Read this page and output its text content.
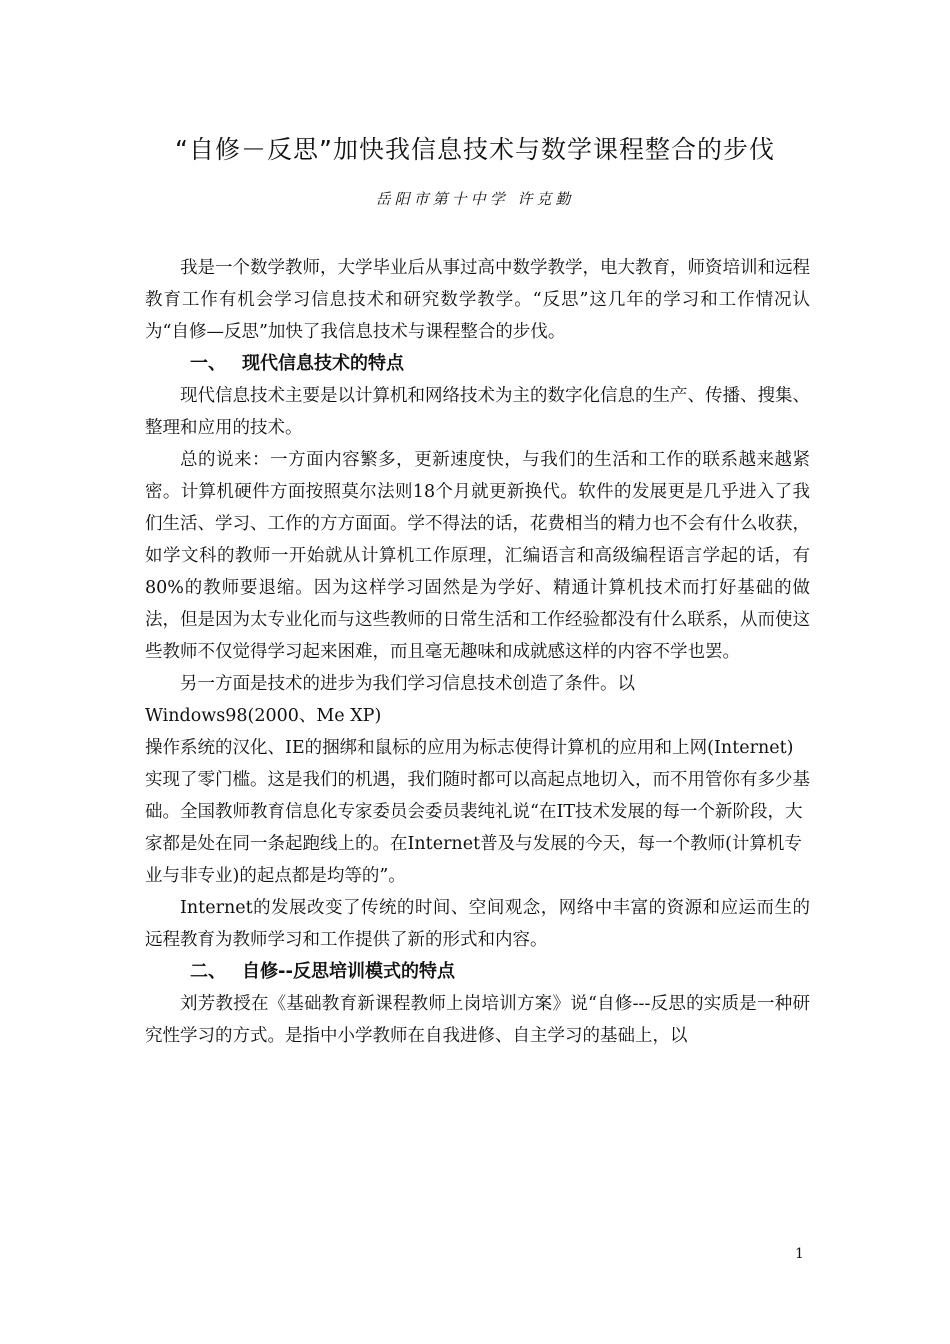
“自修－反思”加快我信息技术与数学课程整合的步伐
岳阳市第十中学 许克勤

我是一个数学教师，大学毕业后从事过高中数学教学，电大教育，师资培训和远程教育工作有机会学习信息技术和研究数学教学。“反思”这几年的学习和工作情况认为“自修—反思”加快了我信息技术与课程整合的步伐。

一、 现代信息技术的特点

现代信息技术主要是以计算机和网络技术为主的数字化信息的生产、传播、搜集、整理和应用的技术。

总的说来：一方面内容繁多，更新速度快，与我们的生活和工作的联系越来越紧密。计算机硬件方面按照莫尔法则18个月就更新换代。软件的发展更是几乎进入了我们生活、学习、工作的方方面面。学不得法的话，花费相当的精力也不会有什么收获，如学文科的教师一开始就从计算机工作原理，汇编语言和高级编程语言学起的话，有80%的教师要退缩。因为这样学习固然是为学好、精通计算机技术而打好基础的做法，但是因为太专业化而与这些教师的日常生活和工作经验都没有什么联系，从而使这些教师不仅觉得学习起来困难，而且毫无趣味和成就感这样的内容不学也罢。

另一方面是技术的进步为我们学习信息技术创造了条件。以

Windows98(2000、Me XP)

操作系统的汉化、IE的捆绑和鼠标的应用为标志使得计算机的应用和上网(Internet)实现了零门槛。这是我们的机遇，我们随时都可以高起点地切入，而不用管你有多少基础。全国教师教育信息化专家委员会委员裴纯礼说“在IT技术发展的每一个新阶段，大家都是处在同一条起跑线上的。在Internet普及与发展的今天，每一个教师(计算机专业与非专业)的起点都是均等的”。

Internet的发展改变了传统的时间、空间观念，网络中丰富的资源和应运而生的远程教育为教师学习和工作提供了新的形式和内容。

二、 自修--反思培训模式的特点

刘芳教授在《基础教育新课程教师上岗培训方案》说“自修---反思的实质是一种研究性学习的方式。是指中小学教师在自我进修、自主学习的基础上，以

1
